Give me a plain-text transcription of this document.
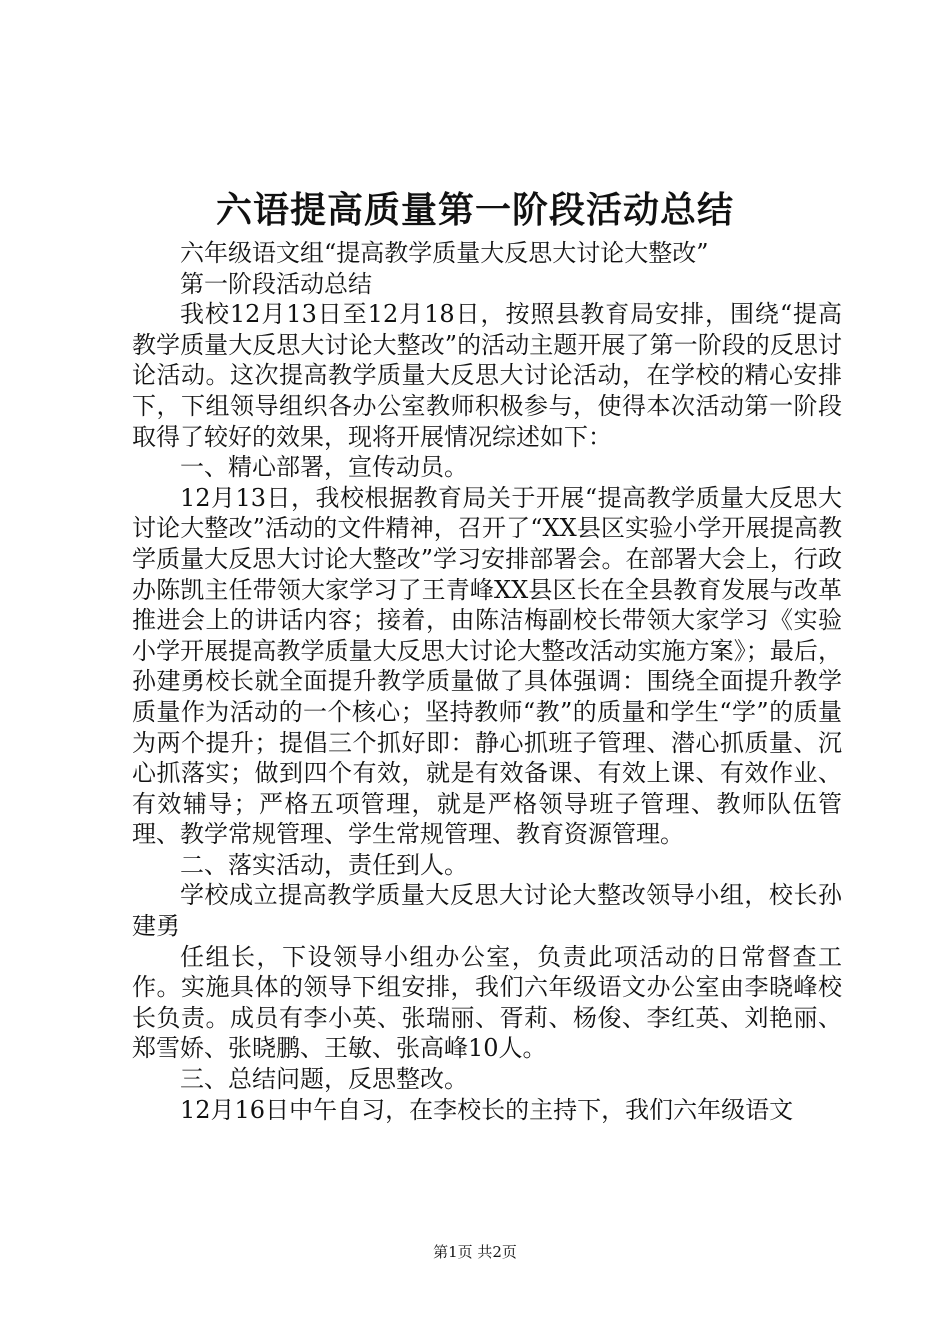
六语提高质量第一阶段活动总结

六年级语文组“提高教学质量大反思大讨论大整改”

第一阶段活动总结

我校12月13日至12月18日，按照县教育局安排，围绕“提高教学质量大反思大讨论大整改”的活动主题开展了第一阶段的反思讨论活动。这次提高教学质量大反思大讨论活动，在学校的精心安排下，下组领导组织各办公室教师积极参与，使得本次活动第一阶段取得了较好的效果，现将开展情况综述如下：

一、精心部署，宣传动员。

12月13日，我校根据教育局关于开展“提高教学质量大反思大讨论大整改”活动的文件精神，召开了“XX县区实验小学开展提高教学质量大反思大讨论大整改”学习安排部署会。在部署大会上，行政办陈凯主任带领大家学习了王青峰XX县区长在全县教育发展与改革推进会上的讲话内容；接着，由陈洁梅副校长带领大家学习《实验小学开展提高教学质量大反思大讨论大整改活动实施方案》；最后，孙建勇校长就全面提升教学质量做了具体强调：围绕全面提升教学质量作为活动的一个核心；坚持教师“教”的质量和学生“学”的质量为两个提升；提倡三个抓好即：静心抓班子管理、潜心抓质量、沉心抓落实；做到四个有效，就是有效备课、有效上课、有效作业、有效辅导；严格五项管理，就是严格领导班子管理、教师队伍管理、教学常规管理、学生常规管理、教育资源管理。

二、落实活动，责任到人。

学校成立提高教学质量大反思大讨论大整改领导小组，校长孙建勇

任组长，下设领导小组办公室，负责此项活动的日常督查工作。实施具体的领导下组安排，我们六年级语文办公室由李晓峰校长负责。成员有李小英、张瑞丽、胥莉、杨俊、李红英、刘艳丽、郑雪娇、张晓鹏、王敏、张高峰10人。

三、总结问题，反思整改。

12月16日中午自习，在李校长的主持下，我们六年级语文

第1页 共2页
